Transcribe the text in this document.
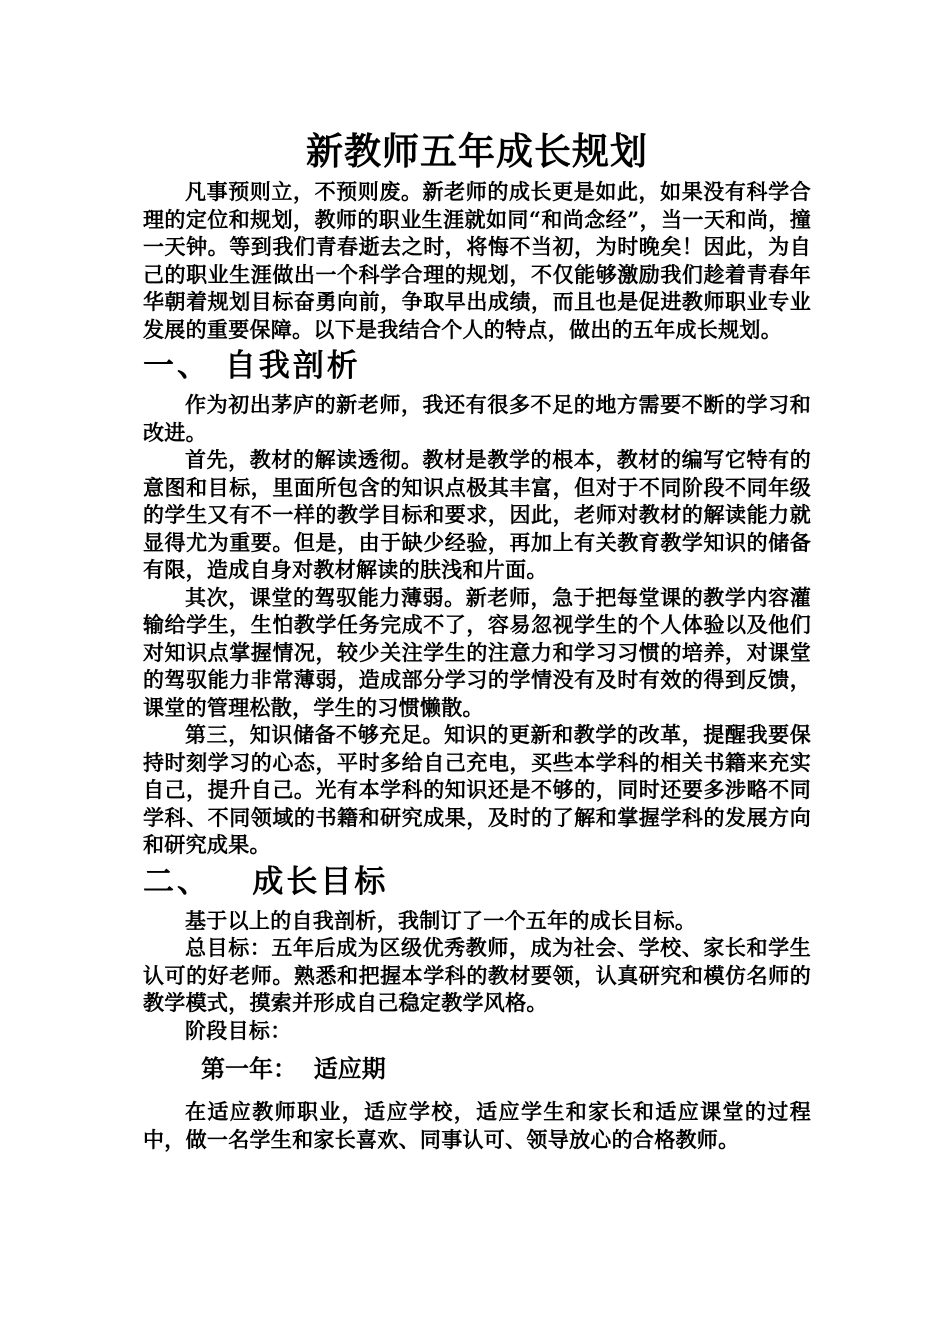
新教师五年成长规划

凡事预则立，不预则废。新老师的成长更是如此，如果没有科学合理的定位和规划，教师的职业生涯就如同“和尚念经”，当一天和尚，撞一天钟。等到我们青春逝去之时，将悔不当初，为时晚矣！因此，为自己的职业生涯做出一个科学合理的规划，不仅能够激励我们趁着青春年华朝着规划目标奋勇向前，争取早出成绩，而且也是促进教师职业专业发展的重要保障。以下是我结合个人的特点，做出的五年成长规划。

一、 自我剖析

作为初出茅庐的新老师，我还有很多不足的地方需要不断的学习和改进。

首先，教材的解读透彻。教材是教学的根本，教材的编写它特有的意图和目标，里面所包含的知识点极其丰富，但对于不同阶段不同年级的学生又有不一样的教学目标和要求，因此，老师对教材的解读能力就显得尤为重要。但是，由于缺少经验，再加上有关教育教学知识的储备有限，造成自身对教材解读的肤浅和片面。

其次，课堂的驾驭能力薄弱。新老师，急于把每堂课的教学内容灌输给学生，生怕教学任务完成不了，容易忽视学生的个人体验以及他们对知识点掌握情况，较少关注学生的注意力和学习习惯的培养，对课堂的驾驭能力非常薄弱，造成部分学习的学情没有及时有效的得到反馈，课堂的管理松散，学生的习惯懒散。

第三，知识储备不够充足。知识的更新和教学的改革，提醒我要保持时刻学习的心态，平时多给自己充电，买些本学科的相关书籍来充实自己，提升自己。光有本学科的知识还是不够的，同时还要多涉略不同学科、不同领域的书籍和研究成果，及时的了解和掌握学科的发展方向和研究成果。

二、   成长目标

基于以上的自我剖析，我制订了一个五年的成长目标。

总目标：五年后成为区级优秀教师，成为社会、学校、家长和学生认可的好老师。熟悉和把握本学科的教材要领，认真研究和模仿名师的教学模式，摸索并形成自己稳定教学风格。

阶段目标：

第一年：  适应期

在适应教师职业，适应学校，适应学生和家长和适应课堂的过程中，做一名学生和家长喜欢、同事认可、领导放心的合格教师。
